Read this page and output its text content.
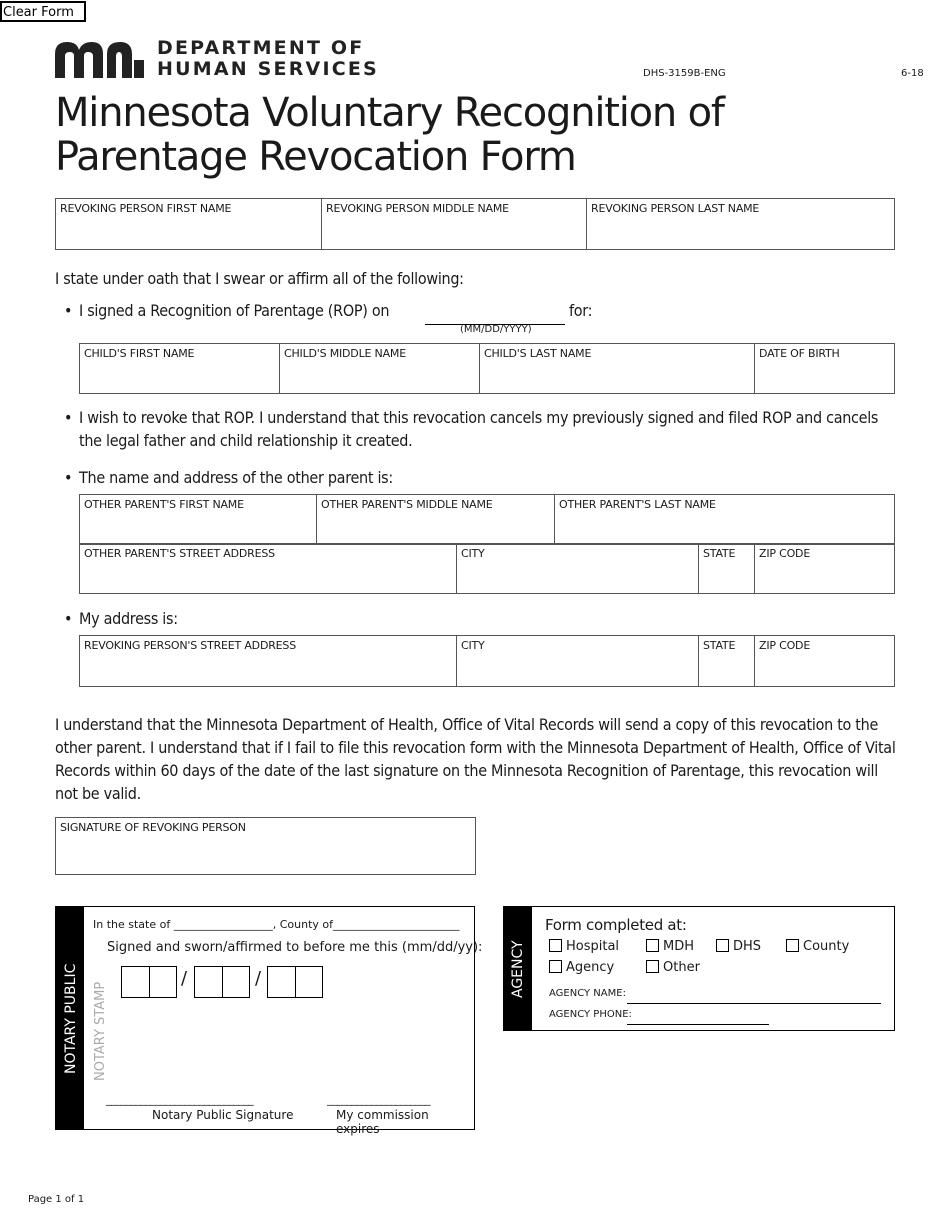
Clear Form
DEPARTMENT OF
HUMAN SERVICES	DHS-3159B-ENG	6-18
Minnesota Voluntary Recognition of
Parentage Revocation Form
REVOKING PERSON FIRST NAME	REVOKING PERSON MIDDLE NAME	REVOKING PERSON LAST NAME
I state under oath that I swear or affirm all of the following:
• I signed a Recognition of Parentage (ROP) on	for:
(MM/DD/YYYY)
CHILD'S FIRST NAME	CHILD'S MIDDLE NAME	CHILD'S LAST NAME	DATE OF BIRTH
• I wish to revoke that ROP. I understand that this revocation cancels my previously signed and filed ROP and cancels the legal father and child relationship it created.
• The name and address of the other parent is:
OTHER PARENT'S FIRST NAME	OTHER PARENT'S MIDDLE NAME	OTHER PARENT'S LAST NAME
OTHER PARENT'S STREET ADDRESS	CITY	STATE	ZIP CODE
• My address is:
REVOKING PERSON'S STREET ADDRESS	CITY	STATE	ZIP CODE
I understand that the Minnesota Department of Health, Office of Vital Records will send a copy of this revocation to the other parent. I understand that if I fail to file this revocation form with the Minnesota Department of Health, Office of Vital Records within 60 days of the date of the last signature on the Minnesota Recognition of Parentage, this revocation will not be valid.
SIGNATURE OF REVOKING PERSON
NOTARY PUBLIC
In the state of __________________, County of_______________________
Signed and sworn/affirmed to before me this (mm/dd/yy):
NOTARY STAMP
/	/
______________________________	_____________________
Notary Public Signature	My commission expires
AGENCY
Form completed at:
Hospital	MDH	DHS	County
Agency	Other
AGENCY NAME:
AGENCY PHONE:
Page 1 of 1
